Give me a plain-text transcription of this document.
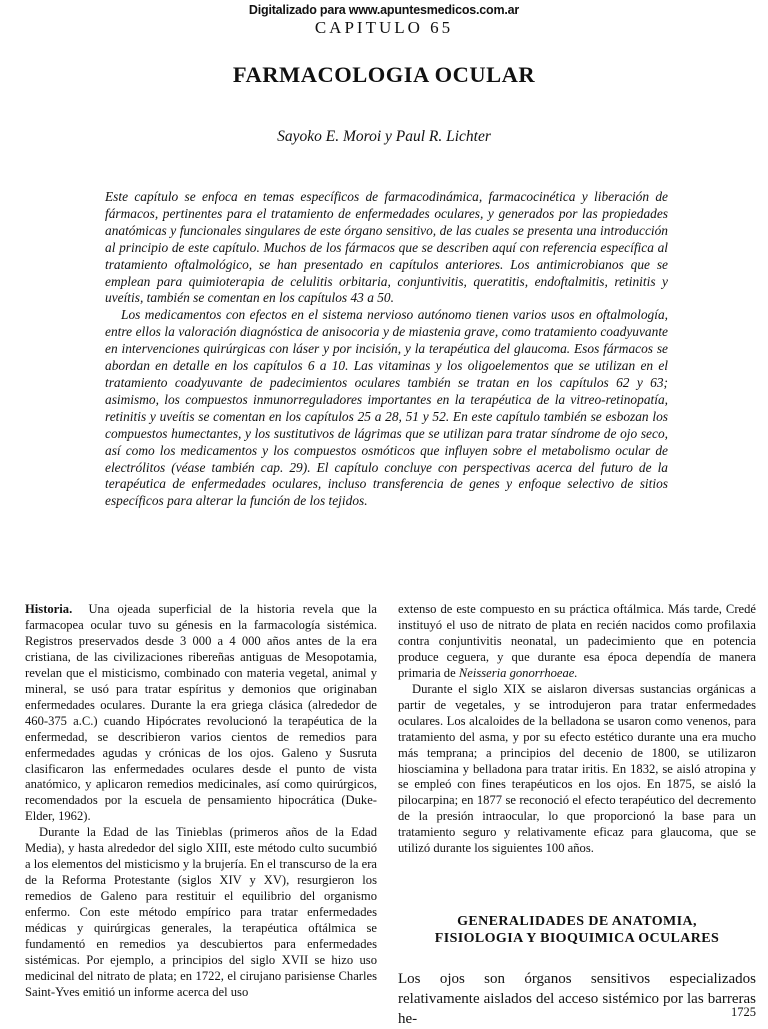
Digitalizado para www.apuntesmedicos.com.ar
CAPITULO 65
FARMACOLOGIA OCULAR
Sayoko E. Moroi y Paul R. Lichter

Este capítulo se enfoca en temas específicos de farmacodinámica, farmacocinética y liberación de fármacos, pertinentes para el tratamiento de enfermedades oculares, y generados por las propiedades anatómicas y funcionales singulares de este órgano sensitivo, de las cuales se presenta una introducción al principio de este capítulo. Muchos de los fármacos que se describen aquí con referencia específica al tratamiento oftalmológico, se han presentado en capítulos anteriores. Los antimicrobianos que se emplean para quimioterapia de celulitis orbitaria, conjuntivitis, queratitis, endoftalmitis, retinitis y uveítis, también se comentan en los capítulos 43 a 50.

Los medicamentos con efectos en el sistema nervioso autónomo tienen varios usos en oftalmología, entre ellos la valoración diagnóstica de anisocoria y de miastenia grave, como tratamiento coadyuvante en intervenciones quirúrgicas con láser y por incisión, y la terapéutica del glaucoma. Esos fármacos se abordan en detalle en los capítulos 6 a 10. Las vitaminas y los oligoelementos que se utilizan en el tratamiento coadyuvante de padecimientos oculares también se tratan en los capítulos 62 y 63; asimismo, los compuestos inmunorreguladores importantes en la terapéutica de la vitreo-retinopatía, retinitis y uveítis se comentan en los capítulos 25 a 28, 51 y 52. En este capítulo también se esbozan los compuestos humectantes, y los sustitutivos de lágrimas que se utilizan para tratar síndrome de ojo seco, así como los medicamentos y los compuestos osmóticos que influyen sobre el metabolismo ocular de electrólitos (véase también cap. 29). El capítulo concluye con perspectivas acerca del futuro de la terapéutica de enfermedades oculares, incluso transferencia de genes y enfoque selectivo de sitios específicos para alterar la función de los tejidos.

Historia. Una ojeada superficial de la historia revela que la farmacopea ocular tuvo su génesis en la farmacología sistémica. Registros preservados desde 3 000 a 4 000 años antes de la era cristiana, de las civilizaciones ribereñas antiguas de Mesopotamia, revelan que el misticismo, combinado con materia vegetal, animal y mineral, se usó para tratar espíritus y demonios que originaban enfermedades oculares. Durante la era griega clásica (alrededor de 460-375 a.C.) cuando Hipócrates revolucionó la terapéutica de la enfermedad, se describieron varios cientos de remedios para enfermedades agudas y crónicas de los ojos. Galeno y Susruta clasificaron las enfermedades oculares desde el punto de vista anatómico, y aplicaron remedios medicinales, así como quirúrgicos, recomendados por la escuela de pensamiento hipocrática (Duke-Elder, 1962).

Durante la Edad de las Tinieblas (primeros años de la Edad Media), y hasta alrededor del siglo XIII, este método culto sucumbió a los elementos del misticismo y la brujería. En el transcurso de la era de la Reforma Protestante (siglos XIV y XV), resurgieron los remedios de Galeno para restituir el equilibrio del organismo enfermo. Con este método empírico para tratar enfermedades médicas y quirúrgicas generales, la terapéutica oftálmica se fundamentó en remedios ya descubiertos para enfermedades sistémicas. Por ejemplo, a principios del siglo XVII se hizo uso medicinal del nitrato de plata; en 1722, el cirujano parisiense Charles Saint-Yves emitió un informe acerca del uso

extenso de este compuesto en su práctica oftálmica. Más tarde, Credé instituyó el uso de nitrato de plata en recién nacidos como profilaxia contra conjuntivitis neonatal, un padecimiento que en potencia produce ceguera, y que durante esa época dependía de manera primaria de Neisseria gonorrhoeae.

Durante el siglo XIX se aislaron diversas sustancias orgánicas a partir de vegetales, y se introdujeron para tratar enfermedades oculares. Los alcaloides de la belladona se usaron como venenos, para tratamiento del asma, y por su efecto estético durante una era mucho más temprana; a principios del decenio de 1800, se utilizaron hiosciamina y belladona para tratar iritis. En 1832, se aisló atropina y se empleó con fines terapéuticos en los ojos. En 1875, se aisló la pilocarpina; en 1877 se reconoció el efecto terapéutico del decremento de la presión intraocular, lo que proporcionó la base para un tratamiento seguro y relativamente eficaz para glaucoma, que se utilizó durante los siguientes 100 años.

GENERALIDADES DE ANATOMIA,
FISIOLOGIA Y BIOQUIMICA OCULARES

Los ojos son órganos sensitivos especializados relativamente aislados del acceso sistémico por las barreras he-	1725
